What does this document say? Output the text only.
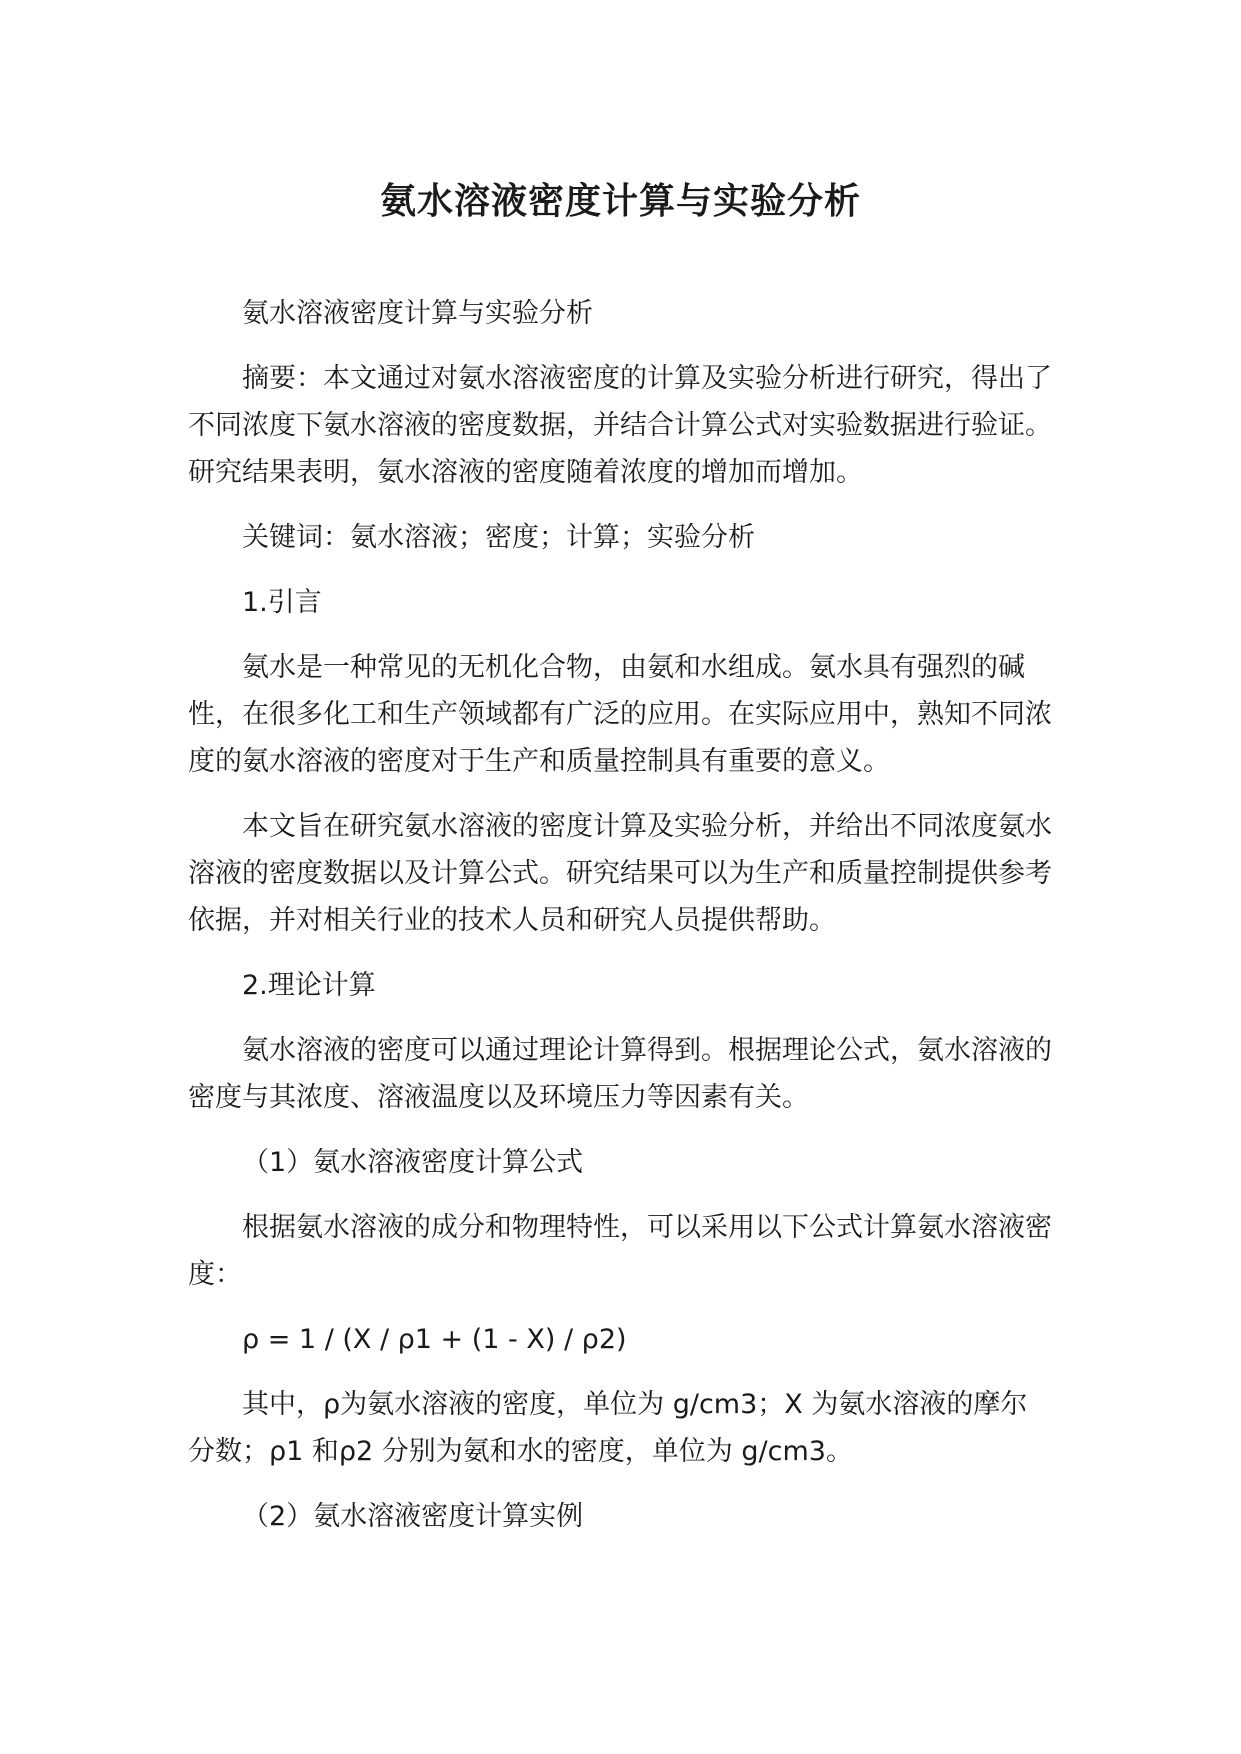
氨水溶液密度计算与实验分析

氨水溶液密度计算与实验分析

摘要：本文通过对氨水溶液密度的计算及实验分析进行研究，得出了不同浓度下氨水溶液的密度数据，并结合计算公式对实验数据进行验证。研究结果表明，氨水溶液的密度随着浓度的增加而增加。

关键词：氨水溶液；密度；计算；实验分析

1.引言

氨水是一种常见的无机化合物，由氨和水组成。氨水具有强烈的碱性，在很多化工和生产领域都有广泛的应用。在实际应用中，熟知不同浓度的氨水溶液的密度对于生产和质量控制具有重要的意义。

本文旨在研究氨水溶液的密度计算及实验分析，并给出不同浓度氨水溶液的密度数据以及计算公式。研究结果可以为生产和质量控制提供参考依据，并对相关行业的技术人员和研究人员提供帮助。

2.理论计算

氨水溶液的密度可以通过理论计算得到。根据理论公式，氨水溶液的密度与其浓度、溶液温度以及环境压力等因素有关。

（1）氨水溶液密度计算公式

根据氨水溶液的成分和物理特性，可以采用以下公式计算氨水溶液密度：

ρ = 1 / (X / ρ1 + (1 - X) / ρ2)

其中，ρ为氨水溶液的密度，单位为 g/cm3；X 为氨水溶液的摩尔分数；ρ1 和ρ2 分别为氨和水的密度，单位为 g/cm3。

（2）氨水溶液密度计算实例
